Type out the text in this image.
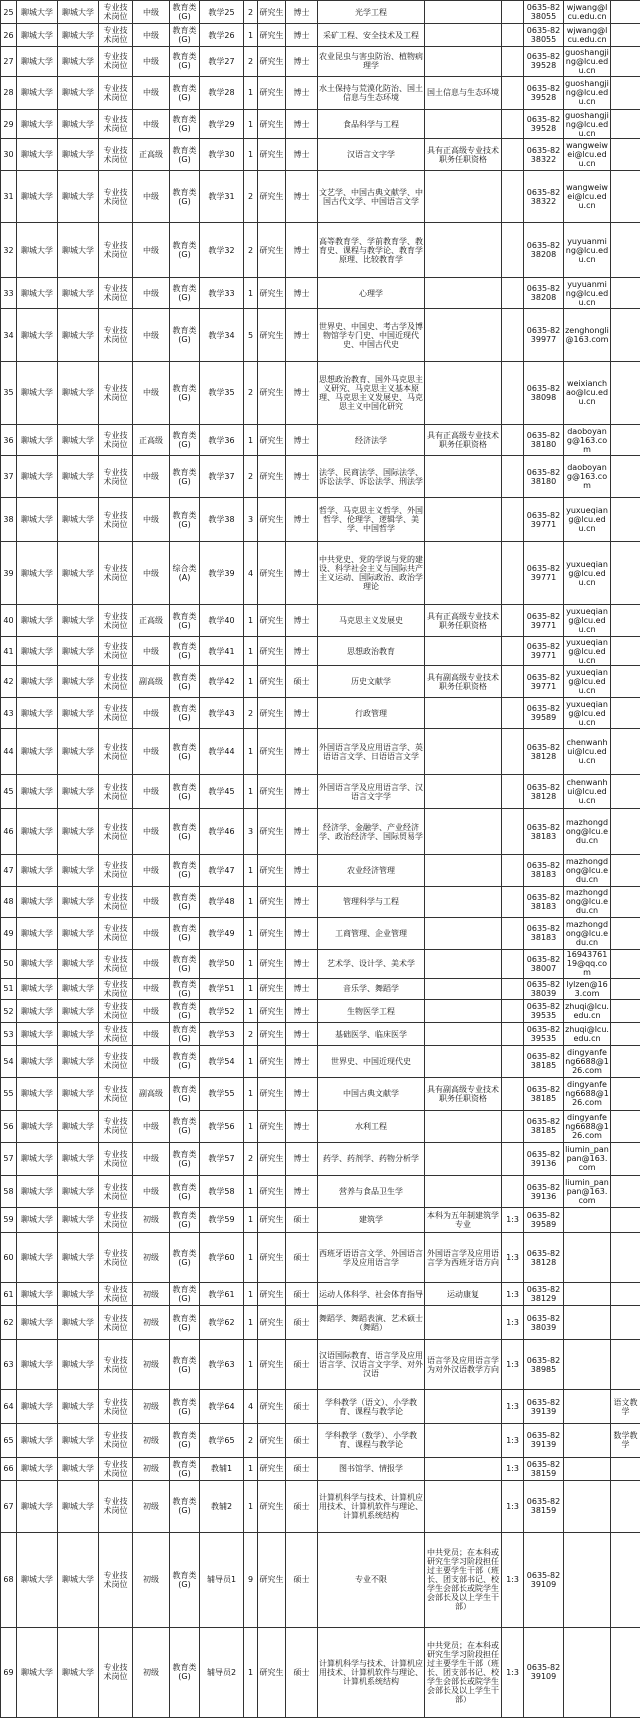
25	聊城大学	聊城大学	专业技术岗位	中级	教育类(G)	教学25	2	研究生	博士	光学工程			0635-8238055	wjwang@lcu.edu.cn	
26	聊城大学	聊城大学	专业技术岗位	中级	教育类(G)	教学26	1	研究生	博士	采矿工程、安全技术及工程			0635-8238055	wjwang@lcu.edu.cn	
27	聊城大学	聊城大学	专业技术岗位	中级	教育类(G)	教学27	2	研究生	博士	农业昆虫与害虫防治、植物病理学			0635-8239528	guoshangjing@lcu.edu.cn	
28	聊城大学	聊城大学	专业技术岗位	中级	教育类(G)	教学28	1	研究生	博士	水土保持与荒漠化防治、国土信息与生态环境	国土信息与生态环境		0635-8239528	guoshangjing@lcu.edu.cn	
29	聊城大学	聊城大学	专业技术岗位	中级	教育类(G)	教学29	1	研究生	博士	食品科学与工程			0635-8239528	guoshangjing@lcu.edu.cn	
30	聊城大学	聊城大学	专业技术岗位	正高级	教育类(G)	教学30	1	研究生	博士	汉语言文字学	具有正高级专业技术职务任职资格		0635-8238322	wangweiwei@lcu.edu.cn	
31	聊城大学	聊城大学	专业技术岗位	中级	教育类(G)	教学31	2	研究生	博士	文艺学、中国古典文献学、中国古代文学、中国语言文学			0635-8238322	wangweiwei@lcu.edu.cn	
32	聊城大学	聊城大学	专业技术岗位	中级	教育类(G)	教学32	2	研究生	博士	高等教育学、学前教育学、教育史、课程与教学论、教育学原理、比较教育学			0635-8238208	yuyuanming@lcu.edu.cn	
33	聊城大学	聊城大学	专业技术岗位	中级	教育类(G)	教学33	1	研究生	博士	心理学			0635-8238208	yuyuanming@lcu.edu.cn	
34	聊城大学	聊城大学	专业技术岗位	中级	教育类(G)	教学34	5	研究生	博士	世界史、中国史、考古学及博物馆学专门史、中国近现代史、中国古代史			0635-8239977	zenghongli@163.com	
35	聊城大学	聊城大学	专业技术岗位	中级	教育类(G)	教学35	2	研究生	博士	思想政治教育、国外马克思主义研究、马克思主义基本原理、马克思主义发展史、马克思主义中国化研究			0635-8238098	weixianchao@lcu.edu.cn	
36	聊城大学	聊城大学	专业技术岗位	正高级	教育类(G)	教学36	1	研究生	博士	经济法学	具有正高级专业技术职务任职资格		0635-8238180	daoboyang@163.com	
37	聊城大学	聊城大学	专业技术岗位	中级	教育类(G)	教学37	2	研究生	博士	法学、民商法学、国际法学、诉讼法学、诉讼法学、刑法学			0635-8238180	daoboyang@163.com	
38	聊城大学	聊城大学	专业技术岗位	中级	教育类(G)	教学38	3	研究生	博士	哲学、马克思主义哲学、外国哲学、伦理学、逻辑学、美学、中国哲学			0635-8239771	yuxueqiang@lcu.edu.cn	
39	聊城大学	聊城大学	专业技术岗位	中级	综合类(A)	教学39	4	研究生	博士	中共党史、党的学说与党的建设、科学社会主义与国际共产主义运动、国际政治、政治学理论			0635-8239771	yuxueqiang@lcu.edu.cn	
40	聊城大学	聊城大学	专业技术岗位	正高级	教育类(G)	教学40	1	研究生	博士	马克思主义发展史	具有正高级专业技术职务任职资格		0635-8239771	yuxueqiang@lcu.edu.cn	
41	聊城大学	聊城大学	专业技术岗位	中级	教育类(G)	教学41	1	研究生	博士	思想政治教育			0635-8239771	yuxueqiang@lcu.edu.cn	
42	聊城大学	聊城大学	专业技术岗位	副高级	教育类(G)	教学42	1	研究生	硕士	历史文献学	具有副高级专业技术职务任职资格		0635-8239771	yuxueqiang@lcu.edu.cn	
43	聊城大学	聊城大学	专业技术岗位	中级	教育类(G)	教学43	2	研究生	博士	行政管理			0635-8239589	yuxueqiang@lcu.edu.cn	
44	聊城大学	聊城大学	专业技术岗位	中级	教育类(G)	教学44	1	研究生	博士	外国语言学及应用语言学、英语语言文学、日语语言文学			0635-8238128	chenwanhui@lcu.edu.cn	
45	聊城大学	聊城大学	专业技术岗位	中级	教育类(G)	教学45	1	研究生	博士	外国语言学及应用语言学、汉语言文字学			0635-8238128	chenwanhui@lcu.edu.cn	
46	聊城大学	聊城大学	专业技术岗位	中级	教育类(G)	教学46	3	研究生	博士	经济学、金融学、产业经济学、政治经济学、国际贸易学			0635-8238183	mazhongdong@lcu.edu.cn	
47	聊城大学	聊城大学	专业技术岗位	中级	教育类(G)	教学47	1	研究生	博士	农业经济管理			0635-8238183	mazhongdong@lcu.edu.cn	
48	聊城大学	聊城大学	专业技术岗位	中级	教育类(G)	教学48	1	研究生	博士	管理科学与工程			0635-8238183	mazhongdong@lcu.edu.cn	
49	聊城大学	聊城大学	专业技术岗位	中级	教育类(G)	教学49	1	研究生	博士	工商管理、企业管理			0635-8238183	mazhongdong@lcu.edu.cn	
50	聊城大学	聊城大学	专业技术岗位	中级	教育类(G)	教学50	1	研究生	博士	艺术学、设计学、美术学			0635-8238007	1694376119@qq.com	
51	聊城大学	聊城大学	专业技术岗位	中级	教育类(G)	教学51	1	研究生	博士	音乐学、舞蹈学			0635-8238039	lylzen@163.com	
52	聊城大学	聊城大学	专业技术岗位	中级	教育类(G)	教学52	1	研究生	博士	生物医学工程			0635-8239535	zhuqi@lcu.edu.cn	
53	聊城大学	聊城大学	专业技术岗位	中级	教育类(G)	教学53	2	研究生	博士	基础医学、临床医学			0635-8239535	zhuqi@lcu.edu.cn	
54	聊城大学	聊城大学	专业技术岗位	中级	教育类(G)	教学54	1	研究生	博士	世界史、中国近现代史			0635-8238185	dingyanfeng6688@126.com	
55	聊城大学	聊城大学	专业技术岗位	副高级	教育类(G)	教学55	1	研究生	博士	中国古典文献学	具有副高级专业技术职务任职资格		0635-8238185	dingyanfeng6688@126.com	
56	聊城大学	聊城大学	专业技术岗位	中级	教育类(G)	教学56	1	研究生	博士	水利工程			0635-8238185	dingyanfeng6688@126.com	
57	聊城大学	聊城大学	专业技术岗位	中级	教育类(G)	教学57	2	研究生	博士	药学、药剂学、药物分析学			0635-8239136	liumin_panpan@163.com	
58	聊城大学	聊城大学	专业技术岗位	中级	教育类(G)	教学58	1	研究生	博士	营养与食品卫生学			0635-8239136	liumin_panpan@163.com	
59	聊城大学	聊城大学	专业技术岗位	初级	教育类(G)	教学59	1	研究生	硕士	建筑学	本科为五年制建筑学专业	1:3	0635-8239589		
60	聊城大学	聊城大学	专业技术岗位	初级	教育类(G)	教学60	1	研究生	硕士	西班牙语语言文学、外国语言学及应用语言学	外国语言学及应用语言学为西班牙语方向	1:3	0635-8238128		
61	聊城大学	聊城大学	专业技术岗位	初级	教育类(G)	教学61	1	研究生	硕士	运动人体科学、社会体育指导	运动康复	1:3	0635-8238129		
62	聊城大学	聊城大学	专业技术岗位	初级	教育类(G)	教学62	1	研究生	硕士	舞蹈学、舞蹈表演、艺术硕士（舞蹈）		1:3	0635-8238039		
63	聊城大学	聊城大学	专业技术岗位	初级	教育类(G)	教学63	1	研究生	硕士	汉语国际教育、语言学及应用语言学、汉语言文字学、对外汉语	语言学及应用语言学为对外汉语教学方向	1:3	0635-8238985		
64	聊城大学	聊城大学	专业技术岗位	初级	教育类(G)	教学64	4	研究生	硕士	学科教学（语文）、小学教育、课程与教学论		1:3	0635-8239139		语文教学
65	聊城大学	聊城大学	专业技术岗位	初级	教育类(G)	教学65	2	研究生	硕士	学科教学（数学）、小学教育、课程与教学论		1:3	0635-8239139		数学教学
66	聊城大学	聊城大学	专业技术岗位	初级	教育类(G)	教辅1	1	研究生	硕士	图书馆学、情报学		1:3	0635-8238159		
67	聊城大学	聊城大学	专业技术岗位	初级	教育类(G)	教辅2	1	研究生	硕士	计算机科学与技术、计算机应用技术、计算机软件与理论、计算机系统结构		1:3	0635-8238159		
68	聊城大学	聊城大学	专业技术岗位	初级	教育类(G)	辅导员1	9	研究生	硕士	专业不限	中共党员；在本科或研究生学习阶段担任过主要学生干部（班长、团支部书记、校学生会部长或院学生会部长及以上学生干部）	1:3	0635-8239109		
69	聊城大学	聊城大学	专业技术岗位	初级	教育类(G)	辅导员2	1	研究生	硕士	计算机科学与技术、计算机应用技术、计算机软件与理论、计算机系统结构	中共党员；在本科或研究生学习阶段担任过主要学生干部（班长、团支部书记、校学生会部长或院学生会部长及以上学生干部）	1:3	0635-8239109		
